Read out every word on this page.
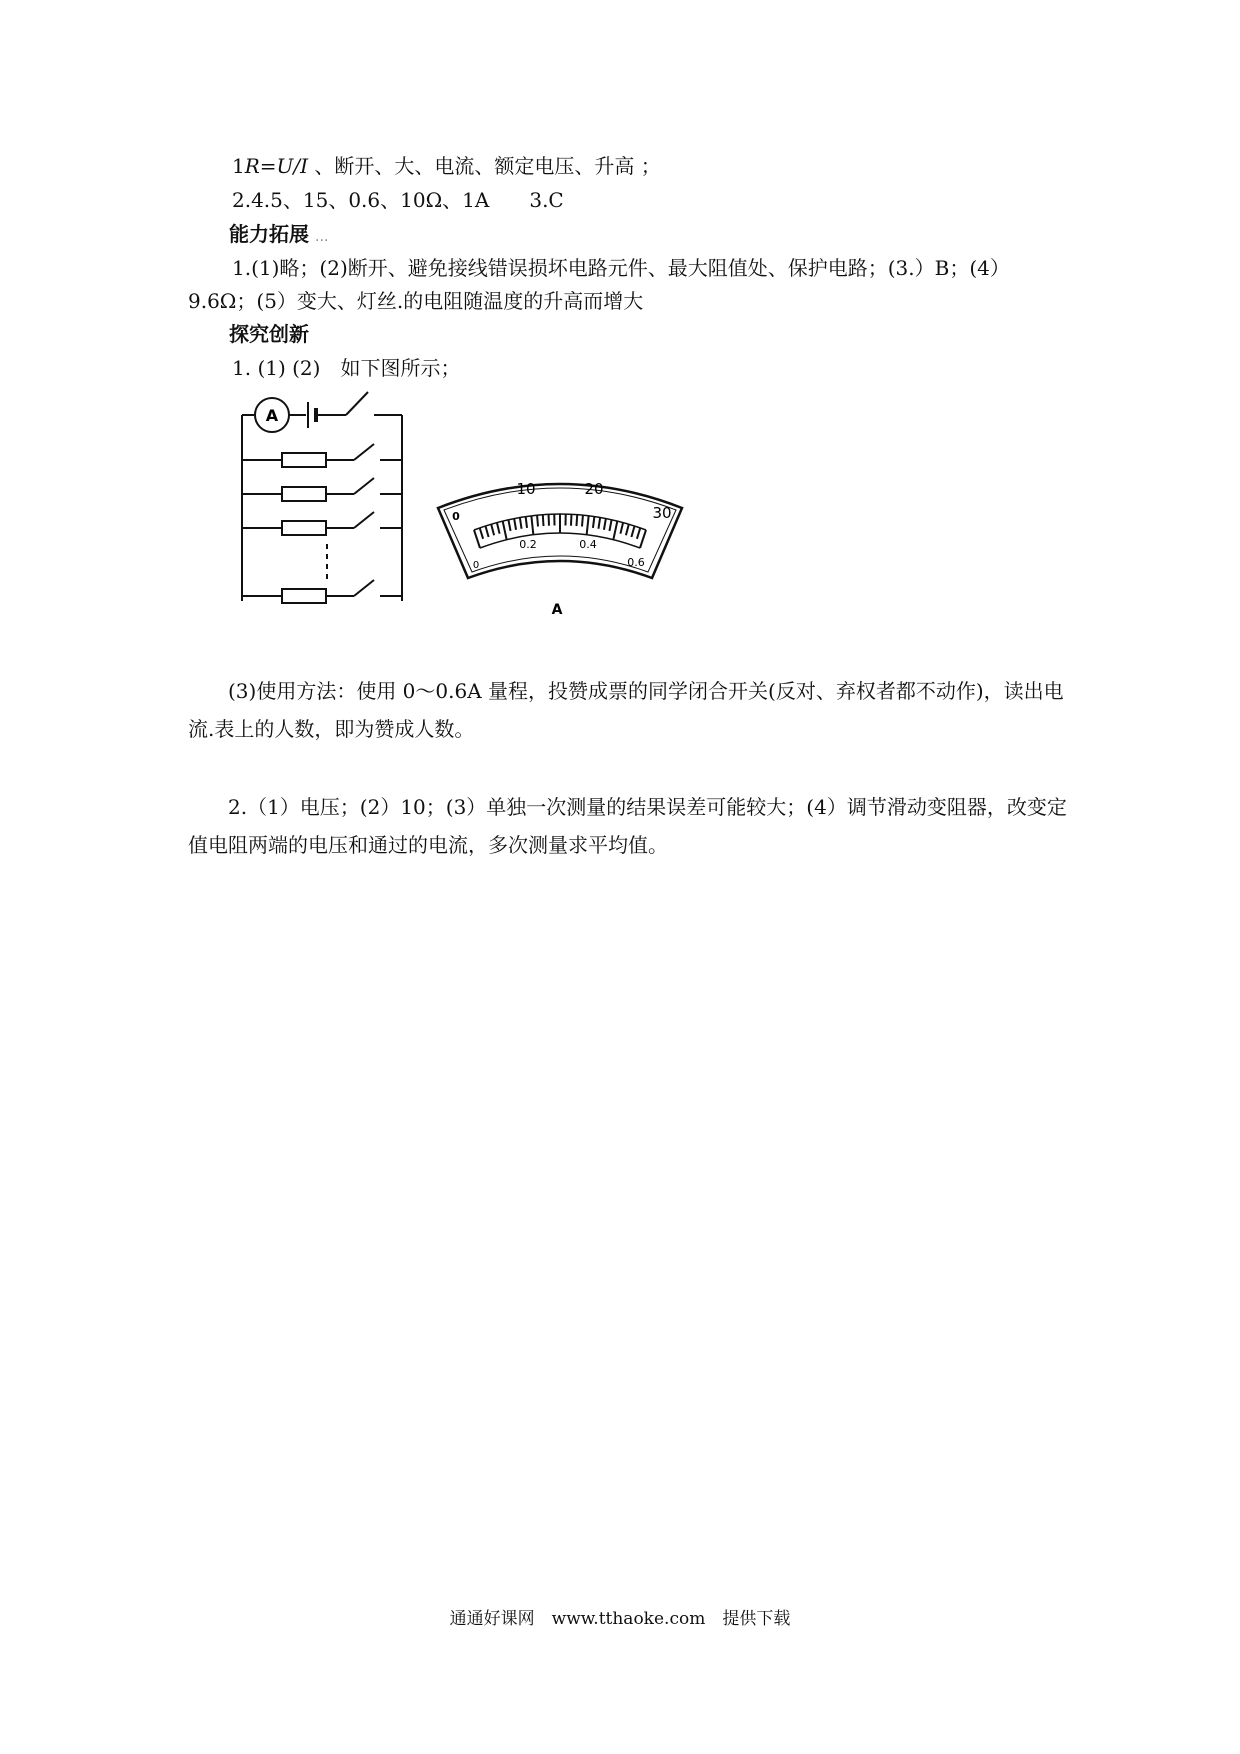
1R=U/I 、断开、大、电流、额定电压、升高 ；
2.4.5、15、0.6、10Ω、1A　　3.C
能力拓展 ...
1.(1)略；(2)断开、避免接线错误损坏电路元件、最大阻值处、保护电路；(3.）B；(4）
9.6Ω；(5）变大、灯丝.的电阻随温度的升高而增大
探究创新
1. (1) (2)　如下图所示；
A
0
10	20
30
0
0.2	0.4
0.6
A
(3)使用方法：使用 0～0.6A 量程，投赞成票的同学闭合开关(反对、弃权者都不动作)，读出电流.表上的人数，即为赞成人数。
2.（1）电压；(2）10；(3）单独一次测量的结果误差可能较大；(4）调节滑动变阻器，改变定值电阻两端的电压和通过的电流，多次测量求平均值。
通通好课网　www.tthaoke.com　提供下载
